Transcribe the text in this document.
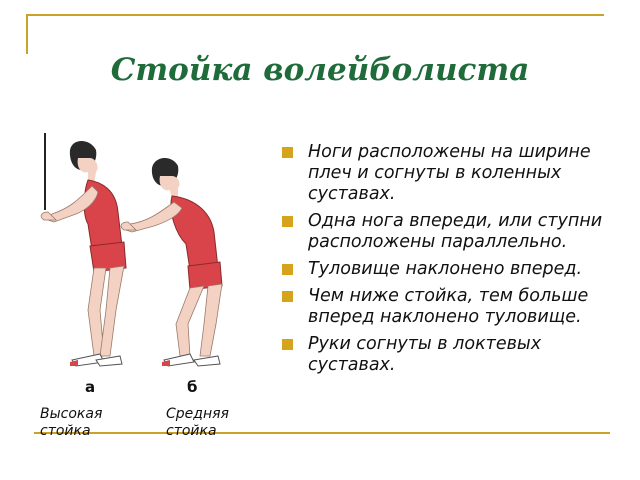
Стойка волейболиста
а	б
Высокая
стойка
Средняя
стойка
Ноги расположены на ширине плеч и согнуты в коленных суставах.
Одна нога впереди, или ступни расположены параллельно.
Туловище наклонено вперед.
Чем ниже стойка, тем больше вперед наклонено туловище.
Руки согнуты в локтевых суставах.
